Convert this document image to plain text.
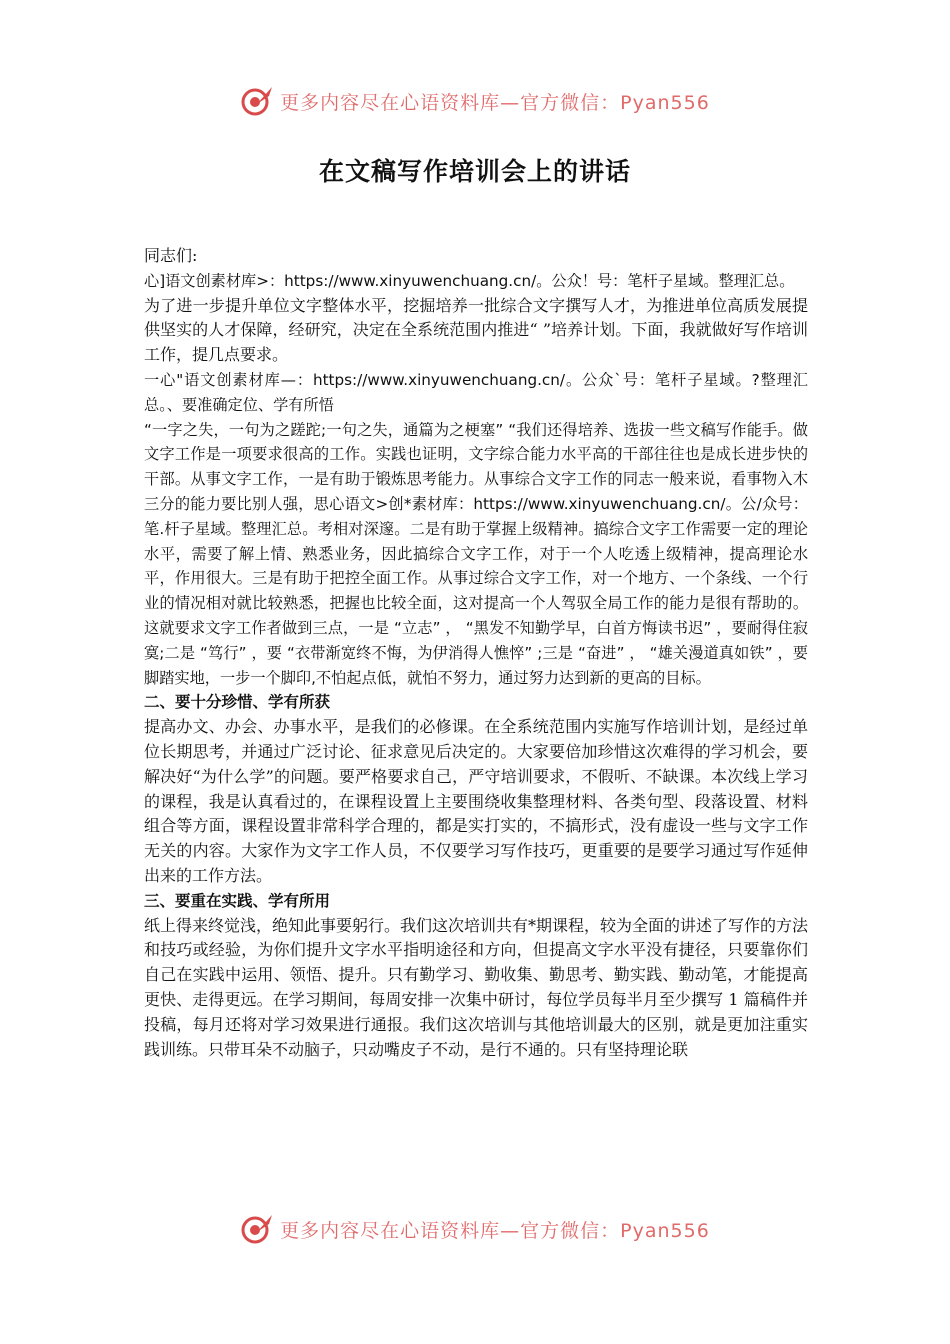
更多内容尽在心语资料库—官方微信：Pyan556
在文稿写作培训会上的讲话

同志们:

心]语文创素材库>：https://www.xinyuwenchuang.cn/。公众！号：笔杆子星域。整理汇总。

为了进一步提升单位文字整体水平，挖掘培养一批综合文字撰写人才，为推进单位高质发展提供坚实的人才保障，经研究，决定在全系统范围内推进“ ”培养计划。下面，我就做好写作培训工作，提几点要求。

一心"语文创素材库—：https://www.xinyuwenchuang.cn/。公众`号：笔杆子星域。?整理汇总。、要准确定位、学有所悟

“一字之失，一句为之蹉跎;一句之失，通篇为之梗塞” “我们还得培养、选拔一些文稿写作能手。做文字工作是一项要求很高的工作。实践也证明，文字综合能力水平高的干部往往也是成长进步快的干部。从事文字工作，一是有助于锻炼思考能力。从事综合文字工作的同志一般来说，看事物入木三分的能力要比别人强，思心语文>创*素材库：https://www.xinyuwenchuang.cn/。公/众号：笔.杆子星域。整理汇总。考相对深邃。二是有助于掌握上级精神。搞综合文字工作需要一定的理论水平，需要了解上情、熟悉业务，因此搞综合文字工作，对于一个人吃透上级精神，提高理论水平，作用很大。三是有助于把控全面工作。从事过综合文字工作，对一个地方、一个条线、一个行业的情况相对就比较熟悉，把握也比较全面，这对提高一个人驾驭全局工作的能力是很有帮助的。这就要求文字工作者做到三点，一是 “立志” ， “黑发不知勤学早，白首方悔读书迟” ，要耐得住寂寞;二是 “笃行” ，要 “衣带渐宽终不悔，为伊消得人憔悴” ;三是 “奋进” ， “雄关漫道真如铁” ，要脚踏实地，一步一个脚印,不怕起点低，就怕不努力，通过努力达到新的更高的目标。

二、要十分珍惜、学有所获

提高办文、办会、办事水平，是我们的必修课。在全系统范围内实施写作培训计划，是经过单位长期思考，并通过广泛讨论、征求意见后决定的。大家要倍加珍惜这次难得的学习机会，要解决好“为什么学”的问题。要严格要求自己，严守培训要求，不假听、不缺课。本次线上学习的课程，我是认真看过的，在课程设置上主要围绕收集整理材料、各类句型、段落设置、材料组合等方面，课程设置非常科学合理的，都是实打实的，不搞形式，没有虚设一些与文字工作无关的内容。大家作为文字工作人员，不仅要学习写作技巧，更重要的是要学习通过写作延伸出来的工作方法。

三、要重在实践、学有所用

纸上得来终觉浅，绝知此事要躬行。我们这次培训共有*期课程，较为全面的讲述了写作的方法和技巧或经验，为你们提升文字水平指明途径和方向，但提高文字水平没有捷径，只要靠你们自己在实践中运用、领悟、提升。只有勤学习、勤收集、勤思考、勤实践、勤动笔，才能提高更快、走得更远。在学习期间，每周安排一次集中研讨，每位学员每半月至少撰写 1 篇稿件并投稿，每月还将对学习效果进行通报。我们这次培训与其他培训最大的区别，就是更加注重实践训练。只带耳朵不动脑子，只动嘴皮子不动，是行不通的。只有坚持理论联

更多内容尽在心语资料库—官方微信：Pyan556
